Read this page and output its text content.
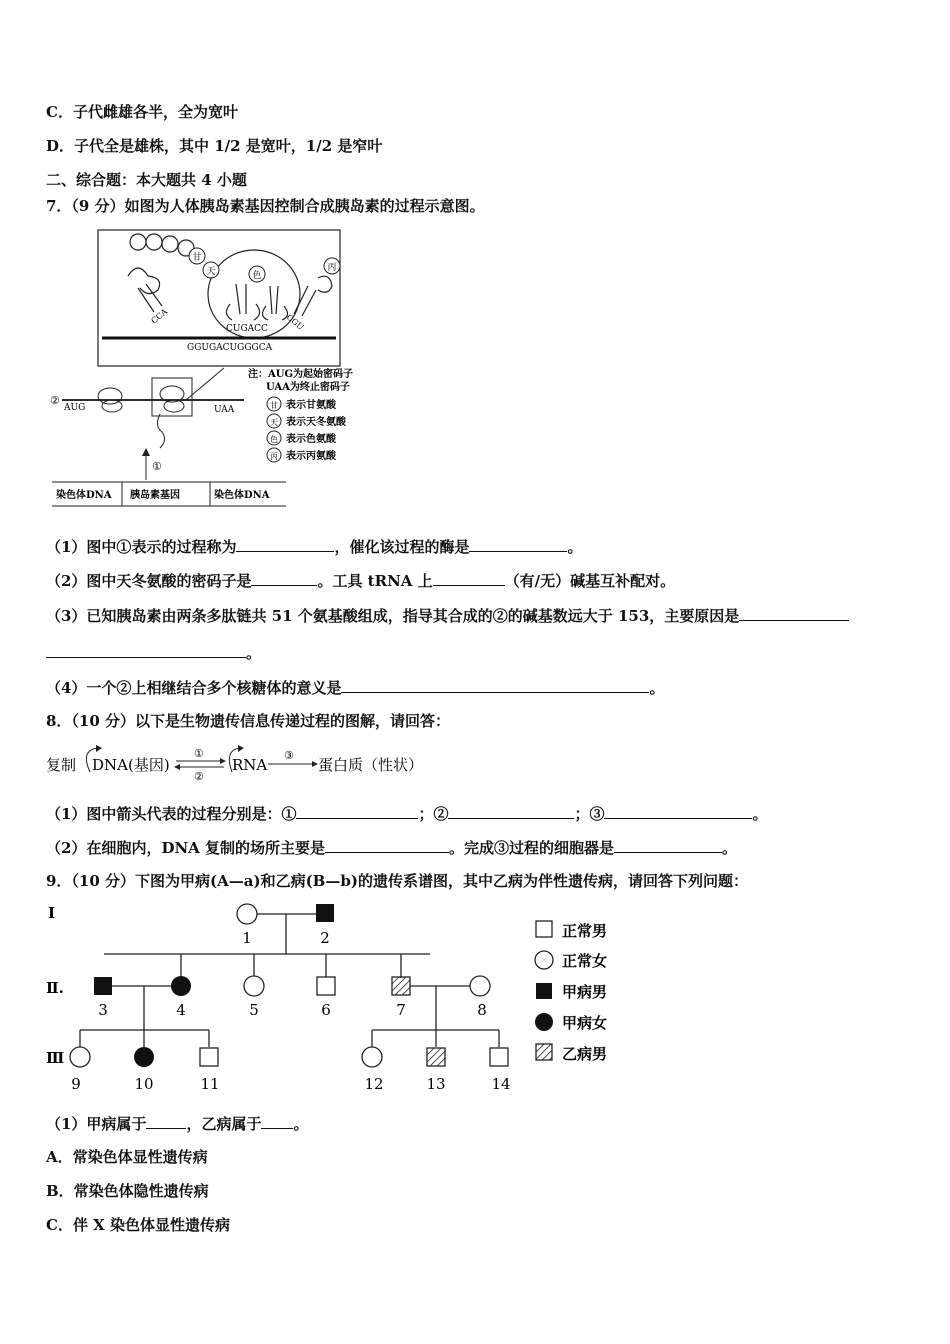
C．子代雌雄各半，全为宽叶
D．子代全是雄株，其中 1/2 是宽叶，1/2 是窄叶
二、综合题：本大题共 4 小题
7．（9 分）如图为人体胰岛素基因控制合成胰岛素的过程示意图。
甘
天	色
丙
CCA	CGU
CUGACC
GGUGACUGGGCA
②
AUG	UAA
①
染色体DNA 胰岛素基因	染色体DNA
注：AUG为起始密码子
UAA为终止密码子
甘 表示甘氨酸
天 表示天冬氨酸
色 表示色氨酸
丙 表示丙氨酸
（1）图中①表示的过程称为	，催化该过程的酶是	。
（2）图中天冬氨酸的密码子是	。工具 tRNA 上	（有/无）碱基互补配对。
（3）已知胰岛素由两条多肽链共 51 个氨基酸组成，指导其合成的②的碱基数远大于 153，主要原因是
。
（4）一个②上相继结合多个核糖体的意义是	。
8．（10 分）以下是生物遗传信息传递过程的图解，请回答：
复制 DNA(基因)
①
②
RNA
③
蛋白质（性状）
（1）图中箭头代表的过程分别是：①	；②	；③	。
（2）在细胞内，DNA 复制的场所主要是	。完成③过程的细胞器是	。
9．（10 分）下图为甲病(A—a)和乙病(B—b)的遗传系谱图，其中乙病为伴性遗传病，请回答下列问题：
Ⅰ
Ⅱ.
Ⅲ
1	2
3	4	5	6	7	8
9	10	11	12	13	14
正常男
正常女
甲病男
甲病女
乙病男
（1）甲病属于	，乙病属于 。
A．常染色体显性遗传病
B．常染色体隐性遗传病
C．伴 X 染色体显性遗传病
